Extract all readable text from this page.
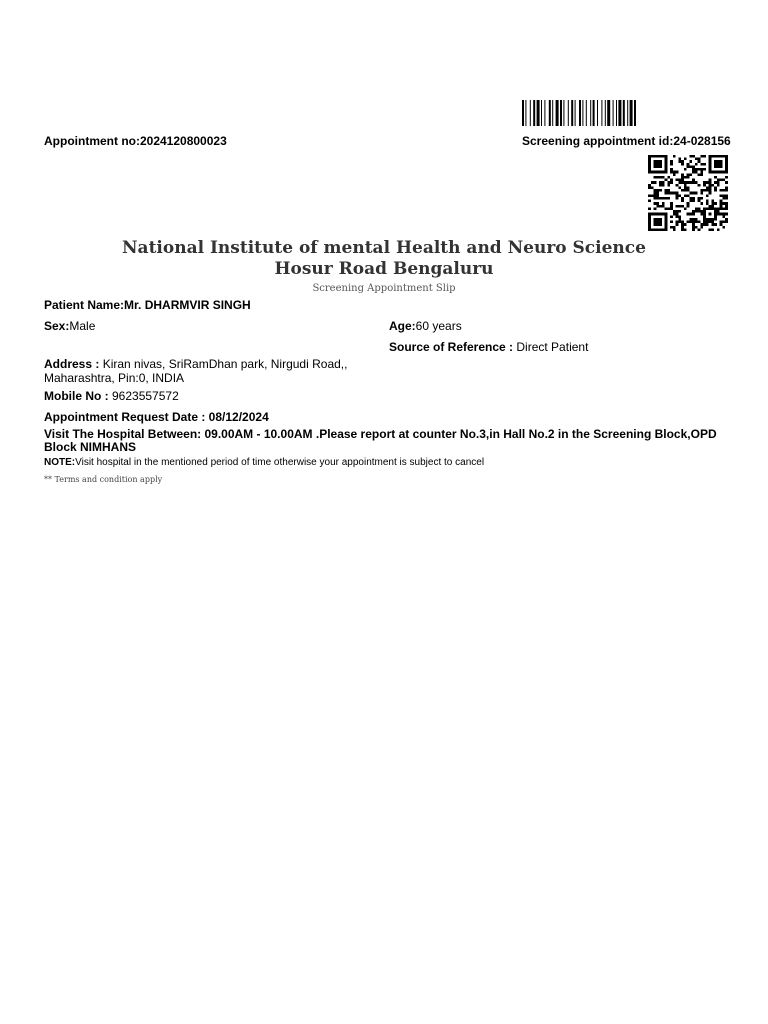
Appointment no:2024120800023	Screening appointment id:24-028156
National Institute of mental Health and Neuro Science
Hosur Road Bengaluru
Screening Appointment Slip
Patient Name:Mr. DHARMVIR SINGH
Sex:Male	Age:60 years
Source of Reference : Direct Patient
Address : Kiran nivas, SriRamDhan park, Nirgudi Road,,
Maharashtra, Pin:0, INDIA
Mobile No : 9623557572
Appointment Request Date : 08/12/2024
Visit The Hospital Between: 09.00AM - 10.00AM .Please report at counter No.3,in Hall No.2 in the Screening Block,OPD
Block NIMHANS
NOTE:Visit hospital in the mentioned period of time otherwise your appointment is subject to cancel
** Terms and condition apply
